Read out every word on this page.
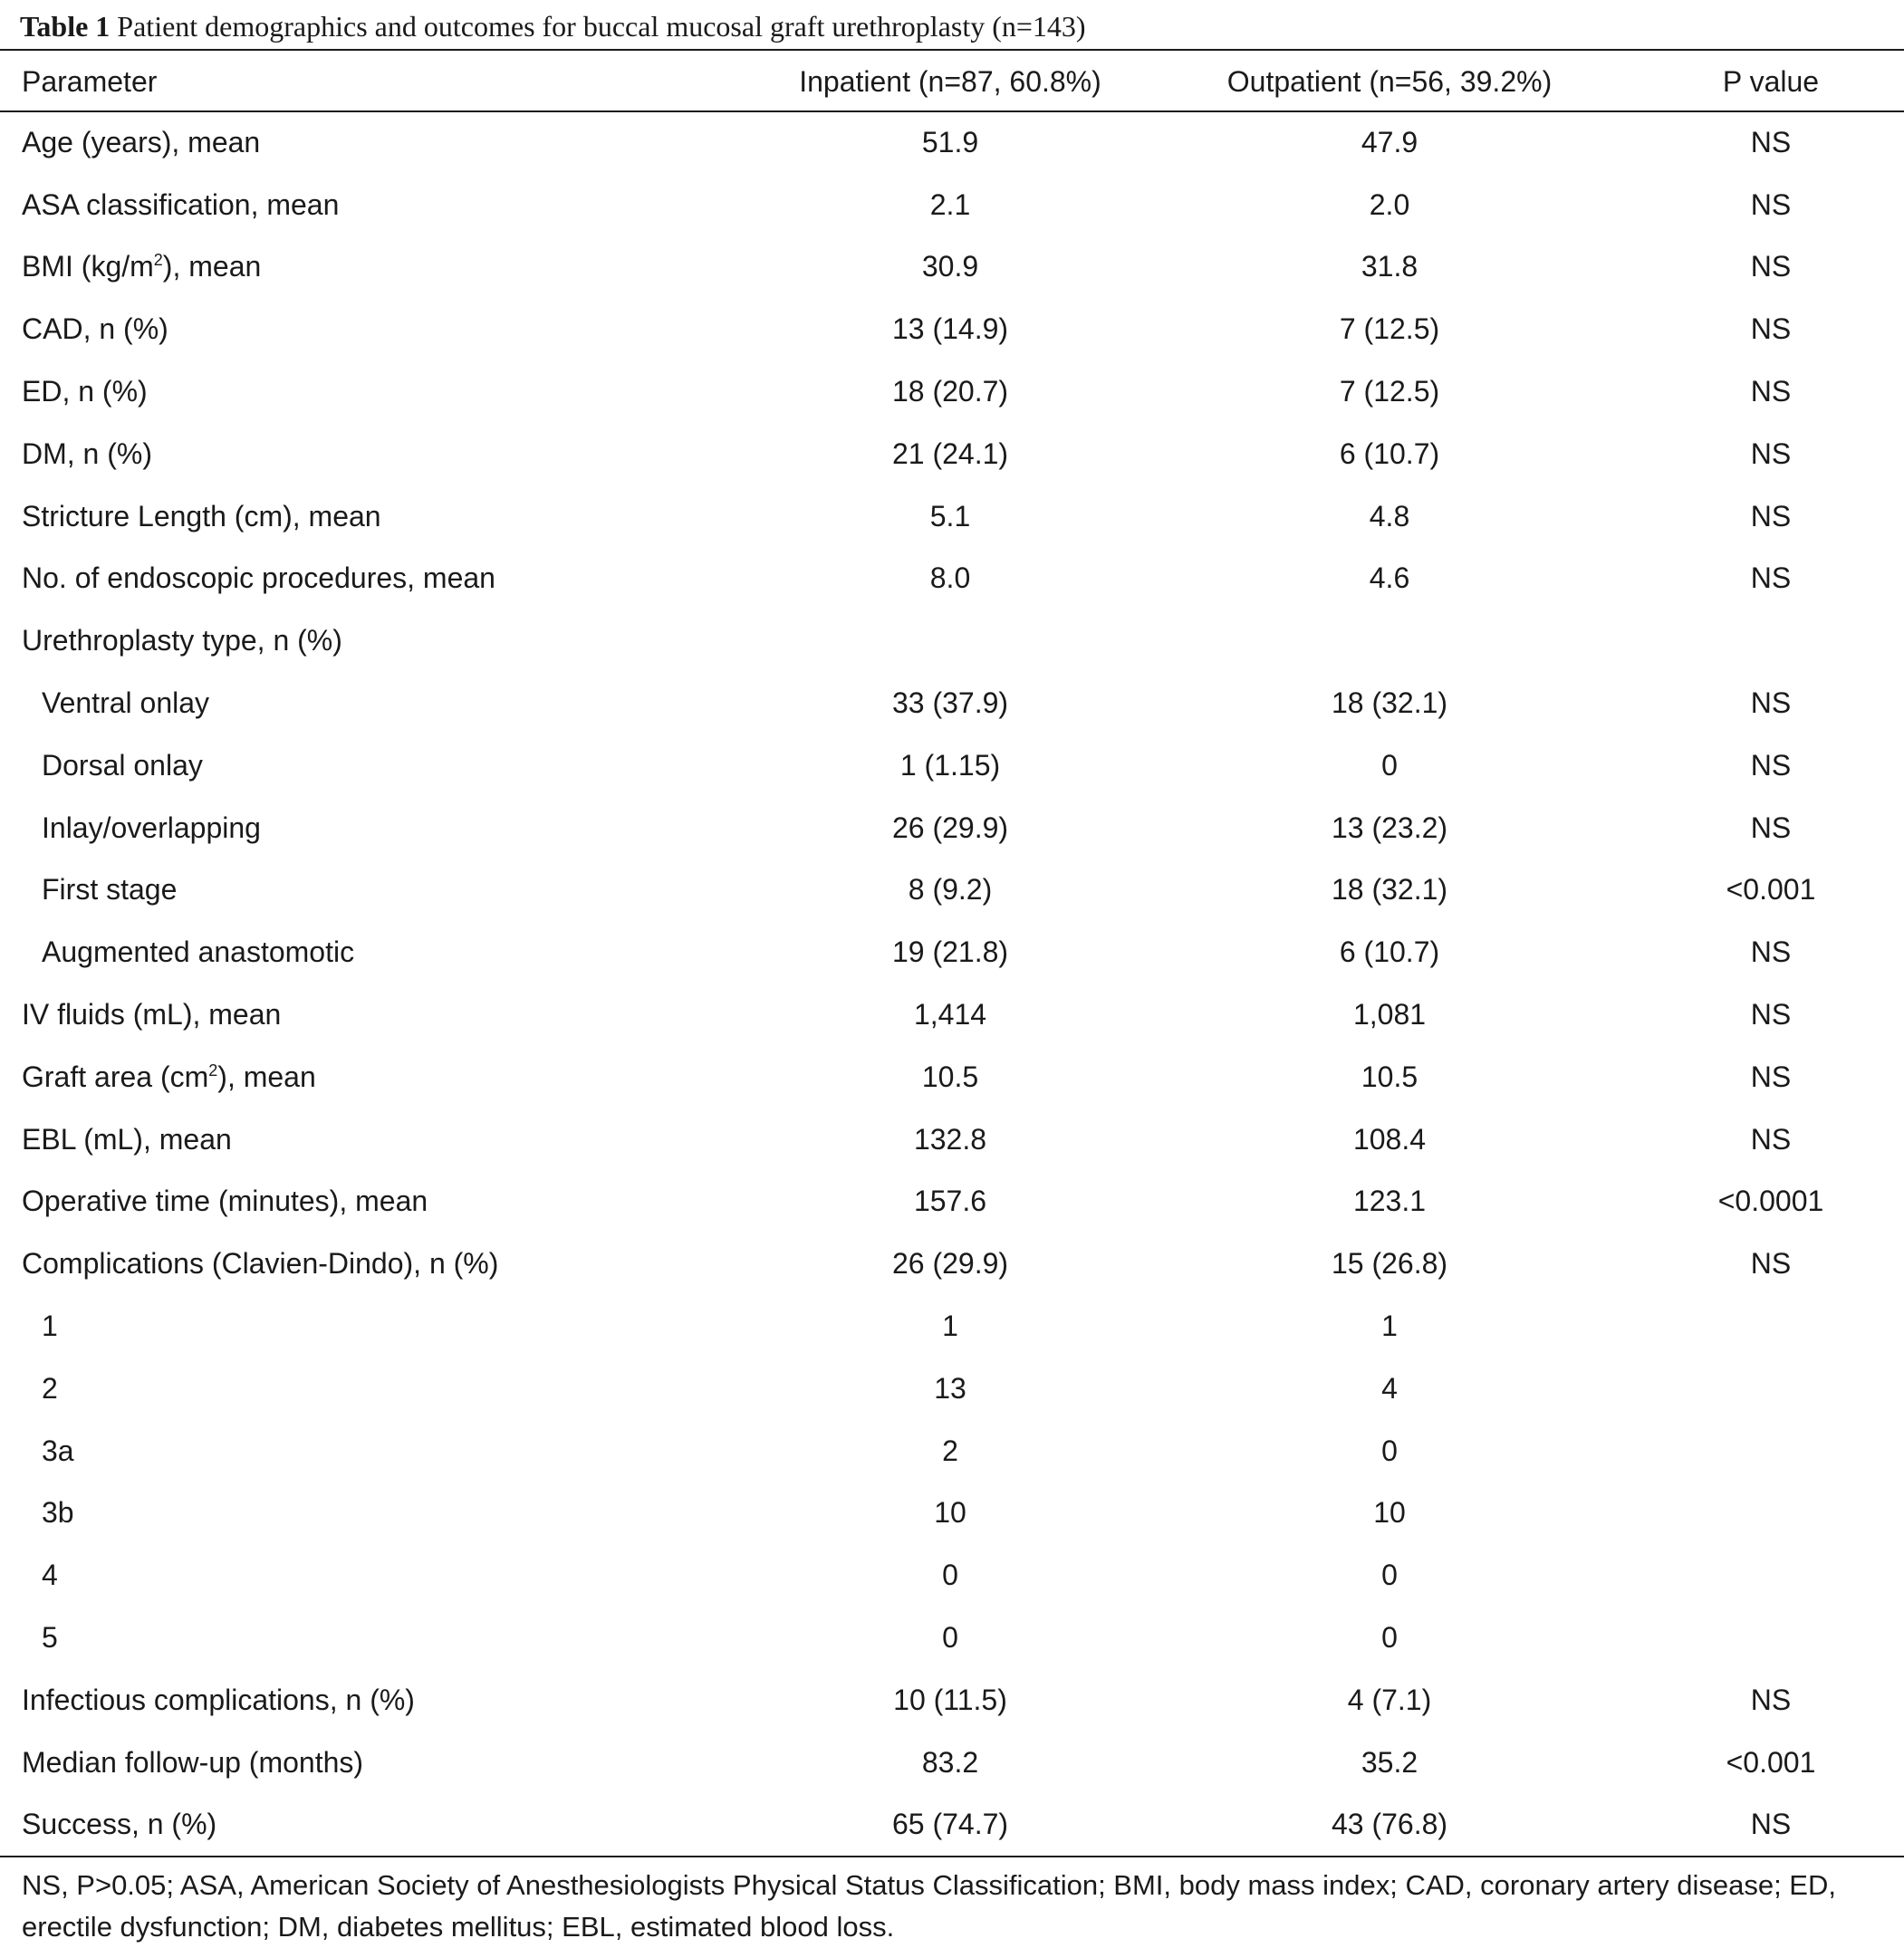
Table 1 Patient demographics and outcomes for buccal mucosal graft urethroplasty (n=143)
Parameter	Inpatient (n=87, 60.8%)	Outpatient (n=56, 39.2%)	P value
Age (years), mean	51.9	47.9	NS
ASA classification, mean	2.1	2.0	NS
BMI $(kg/m^2)$, mean	30.9	31.8	NS
CAD, n (%)	13 (14.9)	7 (12.5)	NS
ED, n (%)	18 (20.7)	7 (12.5)	NS
DM, n (%)	21 (24.1)	6 (10.7)	NS
Stricture Length (cm), mean	5.1	4.8	NS
No. of endoscopic procedures, mean	8.0	4.6	NS
Urethroplasty type, n (%)			
Ventral onlay	33 (37.9)	18 (32.1)	NS
Dorsal onlay	1 (1.15)	0	NS
Inlay/overlapping	26 (29.9)	13 (23.2)	NS
First stage	8 (9.2)	18 (32.1)	<0.001
Augmented anastomotic	19 (21.8)	6 (10.7)	NS
IV fluids (mL), mean	1,414	1,081	NS
Graft area $(cm^2)$, mean	10.5	10.5	NS
EBL (mL), mean	132.8	108.4	NS
Operative time (minutes), mean	157.6	123.1	<0.0001
Complications (Clavien-Dindo), n (%)	26 (29.9)	15 (26.8)	NS
1	1	1	
2	13	4	
3a	2	0	
3b	10	10	
4	0	0	
5	0	0	
Infectious complications, n (%)	10 (11.5)	4 (7.1)	NS
Median follow-up (months)	83.2	35.2	<0.001
Success, n (%)	65 (74.7)	43 (76.8)	NS
NS, P>0.05; ASA, American Society of Anesthesiologists Physical Status Classification; BMI, body mass index; CAD, coronary artery disease; ED, erectile dysfunction; DM, diabetes mellitus; EBL, estimated blood loss.
